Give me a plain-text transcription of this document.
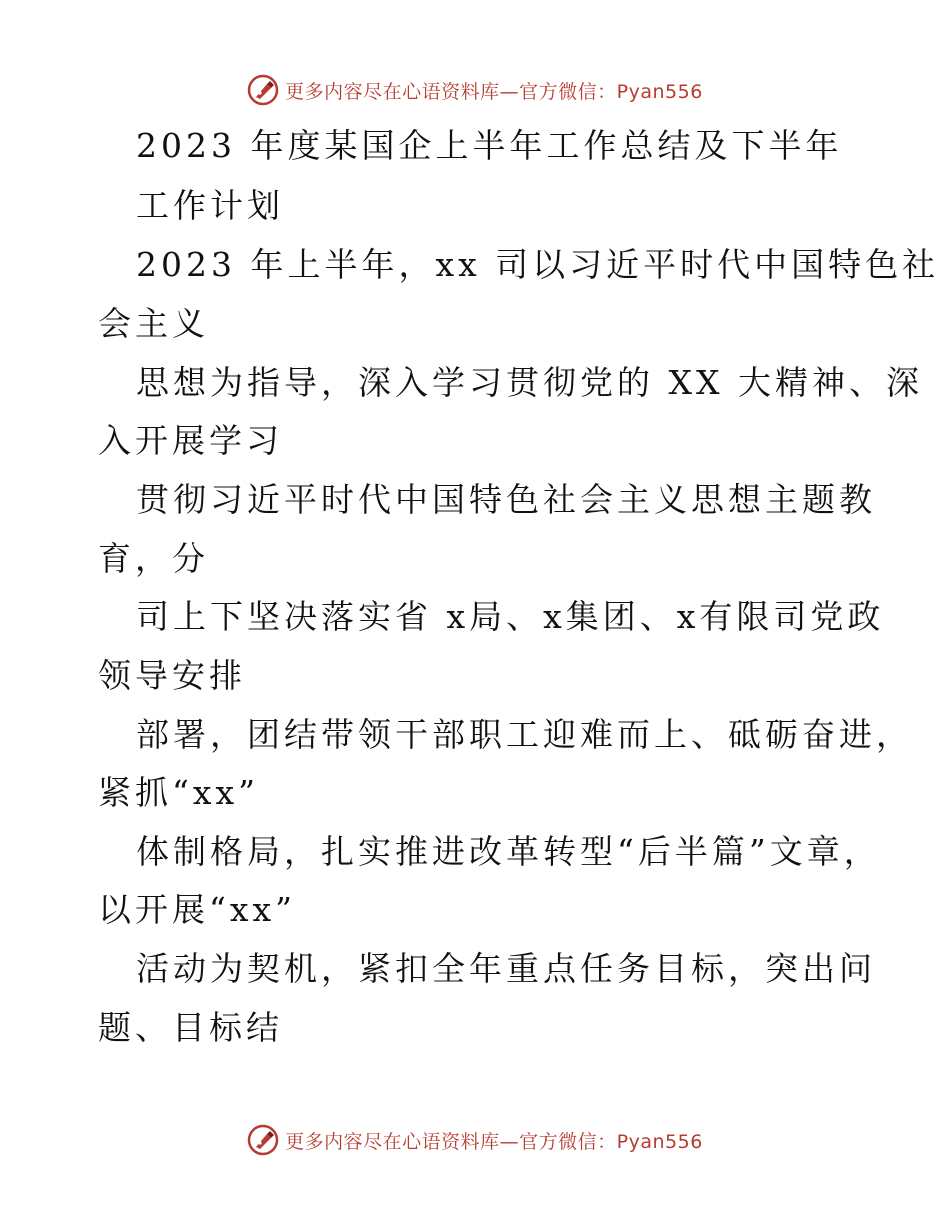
更多内容尽在心语资料库—官方微信：Pyan556
2023 年度某国企上半年工作总结及下半年
工作计划
2023 年上半年，xx 司以习近平时代中国特色社
会主义
思想为指导，深入学习贯彻党的 XX 大精神、深
入开展学习
贯彻习近平时代中国特色社会主义思想主题教
育，分
司上下坚决落实省 x局、x集团、x有限司党政
领导安排
部署，团结带领干部职工迎难而上、砥砺奋进，
紧抓“xx”
体制格局，扎实推进改革转型“后半篇”文章，
以开展“xx”
活动为契机，紧扣全年重点任务目标，突出问
题、目标结
更多内容尽在心语资料库—官方微信：Pyan556
